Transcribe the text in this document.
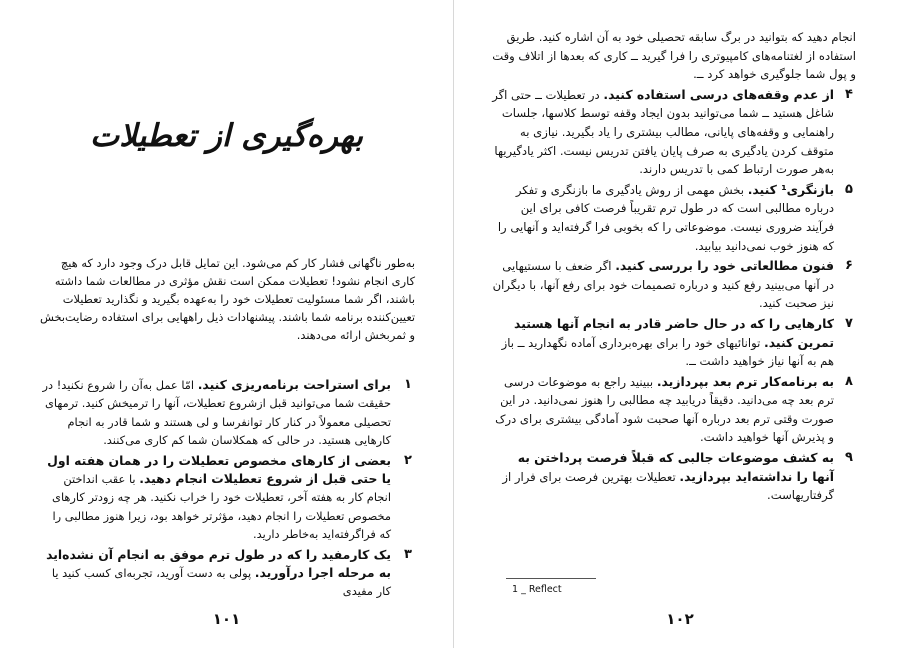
انجام دهید که بتوانید در برگ سابقه تحصیلی خود به آن اشاره کنید. طریق استفاده از لغتنامه‌های کامپیوتری را فرا گیرید ــ کاری که بعدها از اتلاف وقت و پول شما جلوگیری خواهد کرد ــ.

۴
از عدم وقفه‌های درسی استفاده کنید. در تعطیلات ــ حتی اگر شاغل هستید ــ شما می‌توانید بدون ایجاد وقفه توسط کلاسها، جلسات راهنمایی و وقفه‌های پایانی، مطالب بیشتری را یاد بگیرید. نیازی به متوقف کردن یادگیری به صرف پایان یافتن تدریس نیست. اکثر یادگیریها به‌هر صورت ارتباط کمی با تدریس دارند.
۵
بازنگری¹ کنید. بخش مهمی از روش یادگیری ما بازنگری و تفکر درباره مطالبی است که در طول ترم تقریباً فرصت کافی برای این فرآیند ضروری نیست. موضوعاتی را که بخوبی فرا گرفته‌اید و آنهایی را که هنوز خوب نمی‌دانید بیابید.
۶
فنون مطالعاتی خود را بررسی کنید. اگر ضعف با سستیهایی در آنها می‌بینید رفع کنید و درباره تصمیمات خود برای رفع آنها، با دیگران نیز صحبت کنید.
۷
کارهایی را که در حال حاضر قادر به انجام آنها هستید تمرین کنید. توانائیهای خود را برای بهره‌برداری آماده نگهدارید ــ باز هم به آنها نیاز خواهید داشت ــ.
۸
به برنامه‌کار ترم بعد بپردازید. ببینید راجع به موضوعات درسی ترم بعد چه می‌دانید. دقیقاً دریابید چه مطالبی را هنوز نمی‌دانید. در این صورت وقتی ترم بعد درباره آنها صحبت شود آمادگی بیشتری برای درک و پذیرش آنها خواهید داشت.
۹
به کشف موضوعات جالبی که قبلاً فرصت پرداختن به آنها را نداشته‌اید بپردازید. تعطیلات بهترین فرصت برای فرار از گرفتاریهاست.
1 _ Reflect
۱۰۲
بهره‌گیری از تعطیلات

به‌طور ناگهانی فشار کار کم می‌شود. این تمایل قابل درک وجود دارد که هیچ کاری انجام نشود! تعطیلات ممکن است نقش مؤثری در مطالعات شما داشته باشند، اگر شما مسئولیت تعطیلات خود را به‌عهده بگیرید و نگذارید تعطیلات تعیین‌کننده برنامه شما باشند. پیشنهادات ذیل راههایی برای استفاده رضایت‌بخش و ثمربخش ارائه می‌دهند.

۱
برای استراحت برنامه‌ریزی کنید. امّا عمل به‌آن را شروع نکنید! در حقیقت شما می‌توانید قبل ازشروع تعطیلات، آنها را ترمیخش کنید. ترمهای تحصیلی معمولاً در کنار کار توانفرسا و لی هستند و شما قادر به انجام کارهایی هستید. در حالی که همکلاسان شما کم کاری می‌کنند.
۲
بعضی از کارهای مخصوص تعطیلات را در همان هفته اول یا حتی قبل از شروع تعطیلات انجام دهید. با عقب انداختن انجام کار به هفته آخر، تعطیلات خود را خراب نکنید. هر چه زودتر کارهای مخصوص تعطیلات را انجام دهید، مؤثرتر خواهد بود، زیرا هنوز مطالبی را که فراگرفته‌اید به‌خاطر دارید.
۳
یک کارمفید را که در طول ترم موفق به انجام آن نشده‌اید به مرحله اجرا درآورید. پولی به دست آورید، تجربه‌ای کسب کنید یا کار مفیدی
۱۰۱
